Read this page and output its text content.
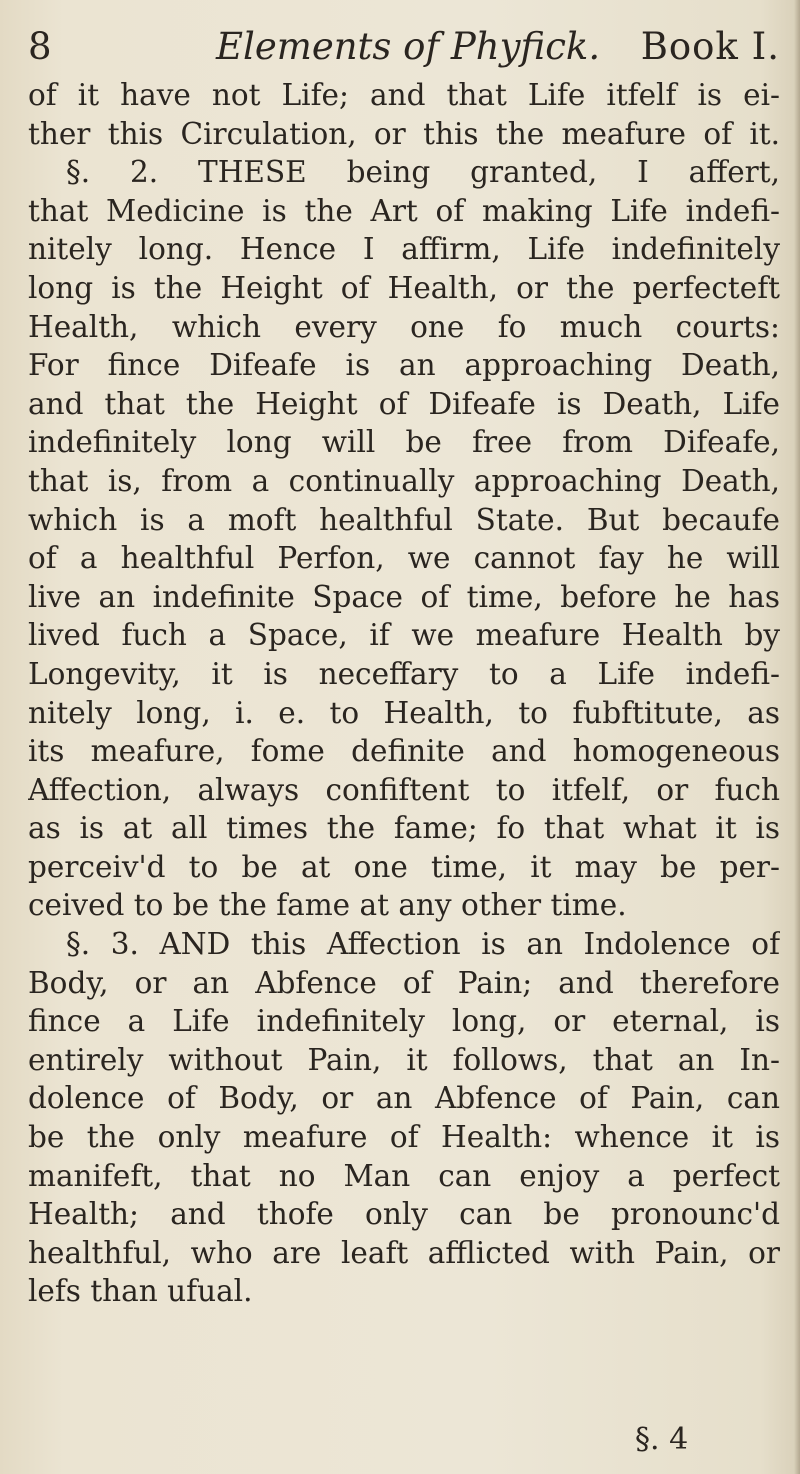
8	Elements of Phyfick. Book I.
of it have not Life; and that Life itfelf is ei-
ther this Circulation, or this the meafure of it.
§. 2. THESE being granted, I affert,
that Medicine is the Art of making Life indefi-
nitely long. Hence I affirm, Life indefinitely
long is the Height of Health, or the perfecteft
Health, which every one fo much courts:
For fince Difeafe is an approaching Death,
and that the Height of Difeafe is Death, Life
indefinitely long will be free from Difeafe,
that is, from a continually approaching Death,
which is a moft healthful State. But becaufe
of a healthful Perfon, we cannot fay he will
live an indefinite Space of time, before he has
lived fuch a Space, if we meafure Health by
Longevity, it is neceffary to a Life indefi-
nitely long, i. e. to Health, to fubftitute, as
its meafure, fome definite and homogeneous
Affection, always confiftent to itfelf, or fuch
as is at all times the fame; fo that what it is
perceiv'd to be at one time, it may be per-
ceived to be the fame at any other time.
§. 3. AND this Affection is an Indolence of
Body, or an Abfence of Pain; and therefore
fince a Life indefinitely long, or eternal, is
entirely without Pain, it follows, that an In-
dolence of Body, or an Abfence of Pain, can
be the only meafure of Health: whence it is
manifeft, that no Man can enjoy a perfect
Health; and thofe only can be pronounc'd
healthful, who are leaft afflicted with Pain, or
lefs than ufual.
§. 4
